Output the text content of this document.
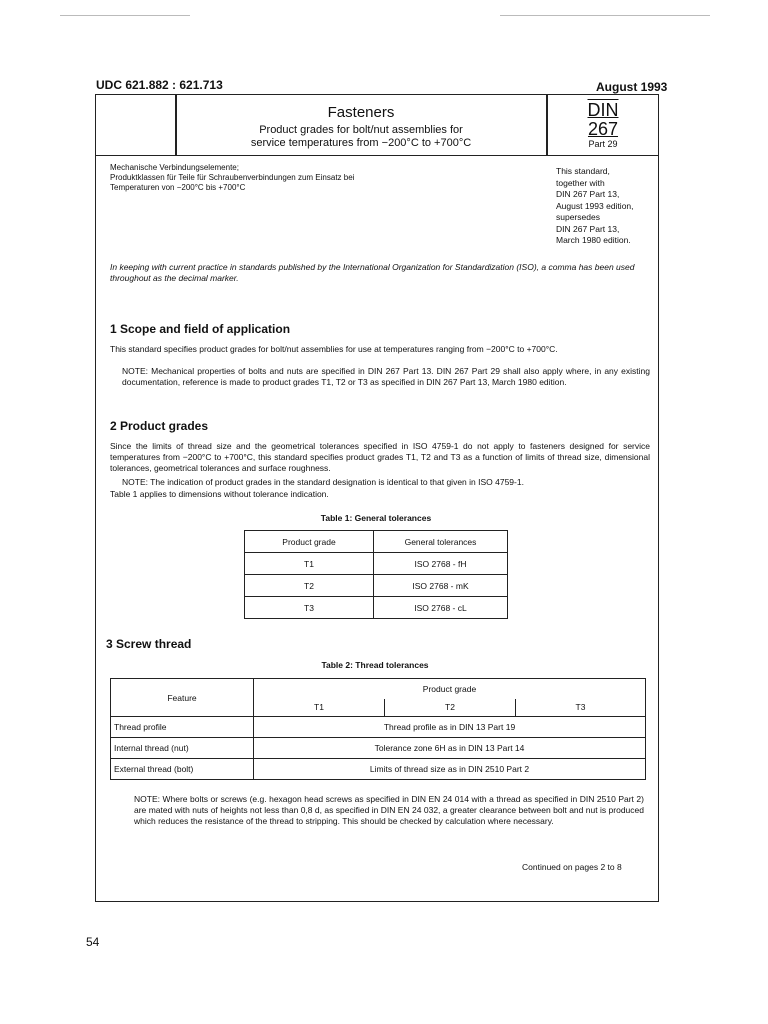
UDC 621.882 : 621.713	August 1993
Fasteners
Product grades for bolt/nut assemblies for
service temperatures from −200°C to +700°C
DIN
267
Part 29
Mechanische Verbindungselemente;
Produktklassen für Teile für Schraubenverbindungen zum Einsatz bei
Temperaturen von −200°C bis +700°C
This standard,
together with
DIN 267 Part 13,
August 1993 edition,
supersedes
DIN 267 Part 13,
March 1980 edition.
In keeping with current practice in standards published by the International Organization for Standardization (ISO), a comma has been used throughout as the decimal marker.
1 Scope and field of application
This standard specifies product grades for bolt/nut assemblies for use at temperatures ranging from −200°C to +700°C.
NOTE: Mechanical properties of bolts and nuts are specified in DIN 267 Part 13. DIN 267 Part 29 shall also apply where, in any existing documentation, reference is made to product grades T1, T2 or T3 as specified in DIN 267 Part 13, March 1980 edition.
2 Product grades
Since the limits of thread size and the geometrical tolerances specified in ISO 4759-1 do not apply to fasteners designed for service temperatures from −200°C to +700°C, this standard specifies product grades T1, T2 and T3 as a function of limits of thread size, dimensional tolerances, geometrical tolerances and surface roughness.
NOTE: The indication of product grades in the standard designation is identical to that given in ISO 4759-1.
Table 1 applies to dimensions without tolerance indication.
Table 1: General tolerances
Product grade	General tolerances
T1	ISO 2768 - fH
T2	ISO 2768 - mK
T3	ISO 2768 - cL
3 Screw thread
Table 2: Thread tolerances
Feature	Product grade		
	T1	T2	T3
Thread profile	Thread profile as in DIN 13 Part 19		
Internal thread (nut)	Tolerance zone 6H as in DIN 13 Part 14		
External thread (bolt)	Limits of thread size as in DIN 2510 Part 2		
NOTE: Where bolts or screws (e.g. hexagon head screws as specified in DIN EN 24 014 with a thread as specified in DIN 2510 Part 2) are mated with nuts of heights not less than 0,8 d, as specified in DIN EN 24 032, a greater clearance between bolt and nut is produced which reduces the resistance of the thread to stripping. This should be checked by calculation where necessary.
Continued on pages 2 to 8
54
